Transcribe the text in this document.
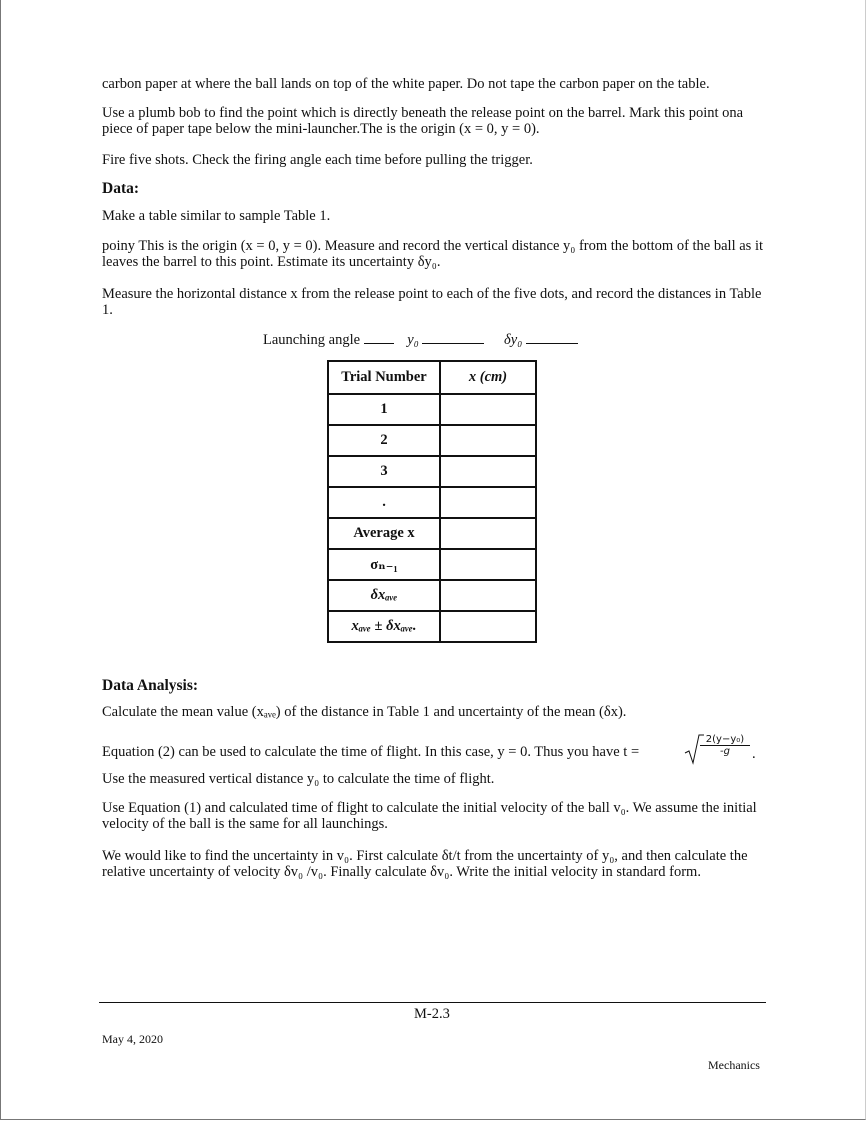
carbon paper at where the ball lands on top of the white paper. Do not tape the carbon paper on the table.

Use a plumb bob to find the point which is directly beneath the release point on the barrel. Mark this point ona piece of paper tape below the mini-launcher.The is the origin (x = 0, y = 0).

Fire five shots. Check the firing angle each time before pulling the trigger.

Data:

Make a table similar to sample Table 1.

poiny This is the origin (x = 0, y = 0). Measure and record the vertical distance y₀ from the bottom of the ball as it leaves the barrel to this point. Estimate its uncertainty δy₀.

Measure the horizontal distance x from the release point to each of the five dots, and record the distances in Table 1.

Launching angle	y₀	δy₀
Trial Number	x (cm)
1	
2	
3	
.	
Average x	
σₙ₋₁	
δxₐᵥₑ	
xₐᵥₑ ± δxₐᵥₑ.	
Data Analysis:

Calculate the mean value (xₐᵥₑ) of the distance in Table 1 and uncertainty of the mean (δx).

Equation (2) can be used to calculate the time of flight. In this case, y = 0. Thus you have t =	$\frac{\text{2(y−y₀)}}{-g}$ .

Use the measured vertical distance y₀ to calculate the time of flight.

Use Equation (1) and calculated time of flight to calculate the initial velocity of the ball v₀. We assume the initial velocity of the ball is the same for all launchings.

We would like to find the uncertainty in v₀. First calculate δt/t from the uncertainty of y₀, and then calculate the relative uncertainty of velocity δv₀ /v₀. Finally calculate δv₀. Write the initial velocity in standard form.

M-2.3
May 4, 2020
Mechanics
